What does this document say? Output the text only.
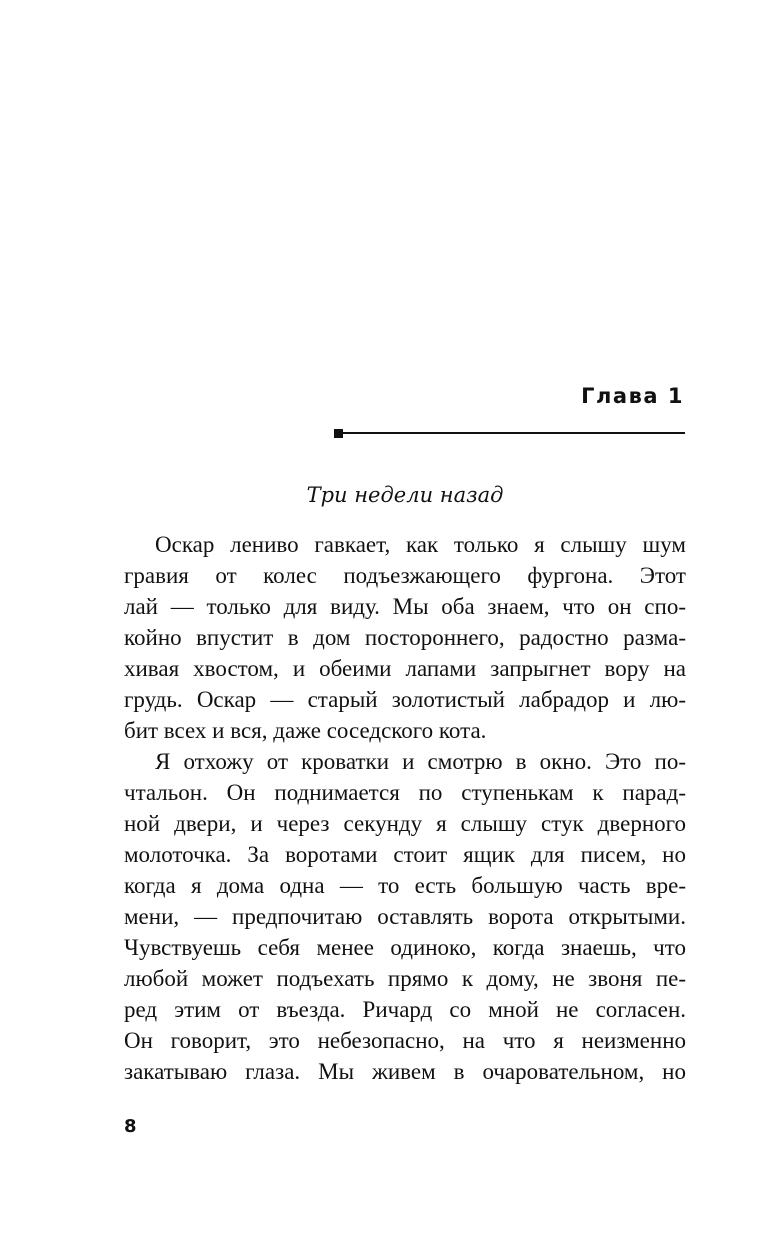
Глава 1
Три недели назад
Оскар лениво гавкает, как только я слышу шум
гравия от колес подъезжающего фургона. Этот
лай — только для виду. Мы оба знаем, что он спо-
койно впустит в дом постороннего, радостно размa-
хивая хвостом, и обеими лапами запрыгнет вору на
грудь. Оскар — старый золотистый лабрадор и лю-
бит всех и вся, даже соседского кота.
Я отхожу от кроватки и смотрю в окно. Это по-
чтальон. Он поднимается по ступенькам к парад-
ной двери, и через секунду я слышу стук дверного
молоточка. За воротами стоит ящик для писем, но
когда я дома одна — то есть большую часть вре-
мени, — предпочитаю оставлять ворота открытыми.
Чувствуешь себя менее одиноко, когда знаешь, что
любой может подъехать прямо к дому, не звоня пе-
ред этим от въезда. Ричард со мной не согласен.
Он говорит, это небезопасно, на что я неизменно
закатываю глаза. Мы живем в очаровательном, но
8
